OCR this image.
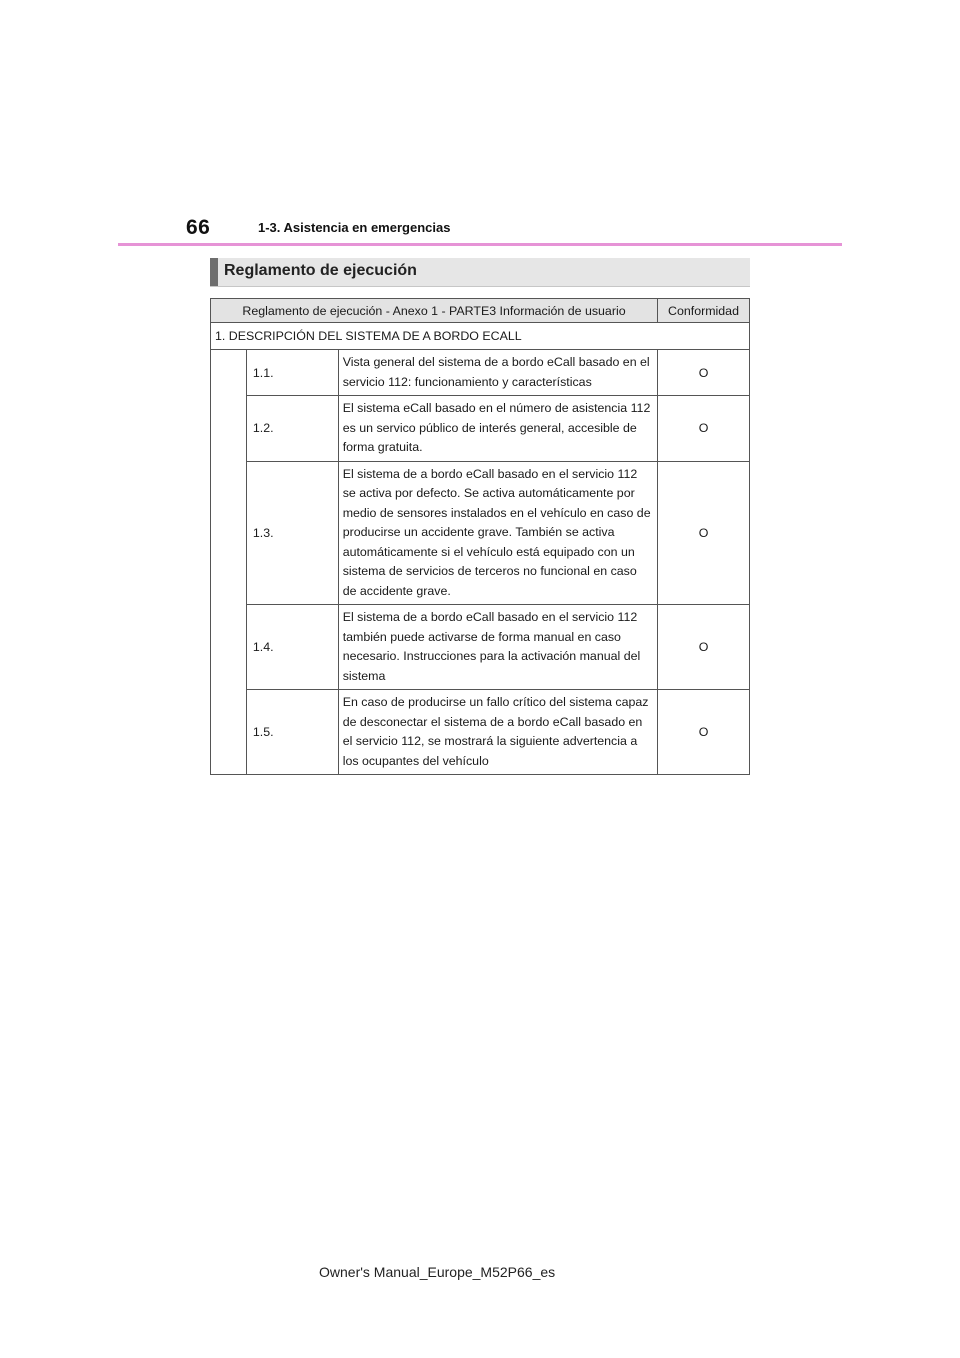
66	1-3. Asistencia en emergencias
Reglamento de ejecución
Reglamento de ejecución - Anexo 1 - PARTE3 Información de usuario			Conformidad
1. DESCRIPCIÓN DEL SISTEMA DE A BORDO ECALL			
	1.1.	Vista general del sistema de a bordo eCall basado en el servicio 112: funcionamiento y características	O
	1.2.	El sistema eCall basado en el número de asistencia 112 es un servico público de interés general, accesible de forma gratuita.	O
	1.3.	El sistema de a bordo eCall basado en el servicio 112 se activa por defecto. Se activa automáticamente por medio de sensores instalados en el vehículo en caso de producirse un accidente grave. También se activa automáticamente si el vehículo está equipado con un sistema de servicios de terceros no funcional en caso de accidente grave.	O
	1.4.	El sistema de a bordo eCall basado en el servicio 112 también puede activarse de forma manual en caso necesario. Instrucciones para la activación manual del sistema	O
	1.5.	En caso de producirse un fallo crítico del sistema capaz de desconectar el sistema de a bordo eCall basado en el servicio 112, se mostrará la siguiente advertencia a los ocupantes del vehículo	O
Owner's Manual_Europe_M52P66_es
